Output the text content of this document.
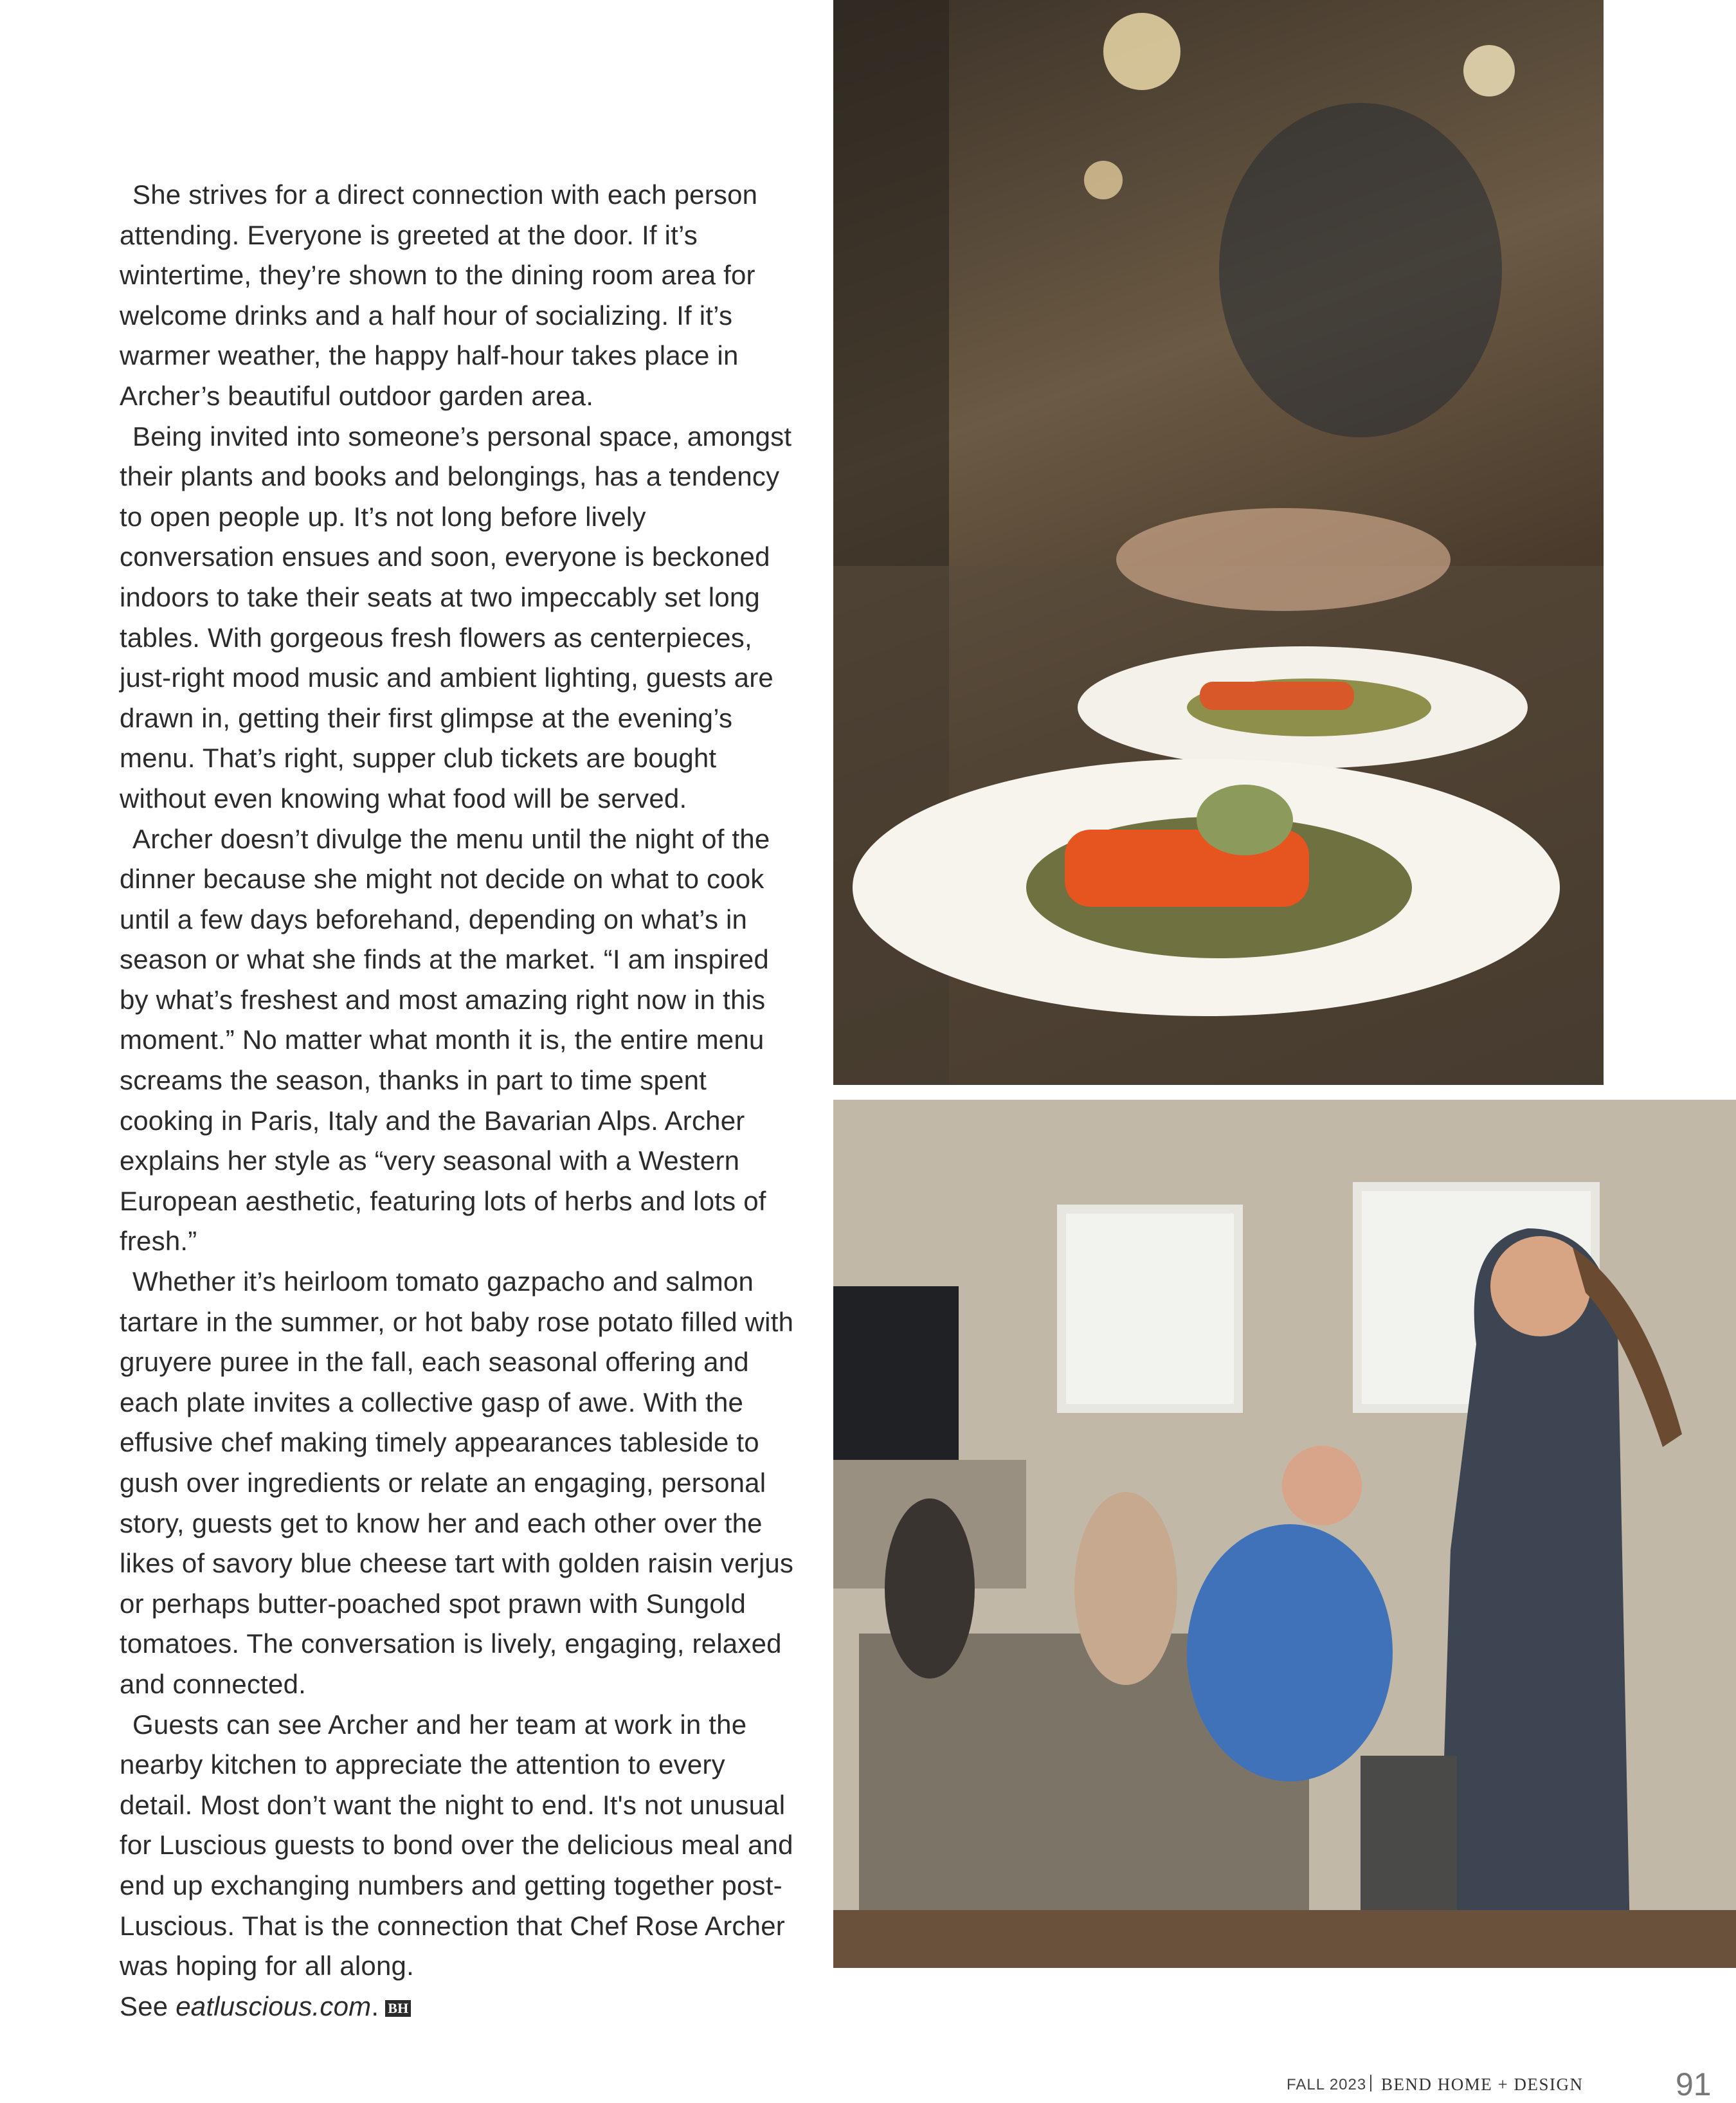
She strives for a direct connection with each person attending. Everyone is greeted at the door. If it’s wintertime, they’re shown to the dining room area for welcome drinks and a half hour of socializing. If it’s warmer weather, the happy half-hour takes place in Archer’s beautiful outdoor garden area.

Being invited into someone’s personal space, amongst their plants and books and belongings, has a tendency to open people up. It’s not long before lively conversation ensues and soon, everyone is beckoned indoors to take their seats at two impeccably set long tables. With gorgeous fresh flowers as centerpieces, just-right mood music and ambient lighting, guests are drawn in, getting their first glimpse at the evening’s menu. That’s right, supper club tickets are bought without even knowing what food will be served.

Archer doesn’t divulge the menu until the night of the dinner because she might not decide on what to cook until a few days beforehand, depending on what’s in season or what she finds at the market. “I am inspired by what’s freshest and most amazing right now in this moment.” No matter what month it is, the entire menu screams the season, thanks in part to time spent cooking in Paris, Italy and the Bavarian Alps. Archer explains her style as “very seasonal with a Western European aesthetic, featuring lots of herbs and lots of fresh.”

Whether it’s heirloom tomato gazpacho and salmon tartare in the summer, or hot baby rose potato filled with gruyere puree in the fall, each seasonal offering and each plate invites a collective gasp of awe. With the effusive chef making timely appearances tableside to gush over ingredients or relate an engaging, personal story, guests get to know her and each other over the likes of savory blue cheese tart with golden raisin verjus or perhaps butter-poached spot prawn with Sungold tomatoes. The conversation is lively, engaging, relaxed and connected.

Guests can see Archer and her team at work in the nearby kitchen to appreciate the attention to every detail. Most don’t want the night to end. It's not unusual for Luscious guests to bond over the delicious meal and end up exchanging numbers and getting together post-Luscious. That is the connection that Chef Rose Archer was hoping for all along.

See eatluscious.com. BH

FALL 2023 BEND HOME + DESIGN	91
